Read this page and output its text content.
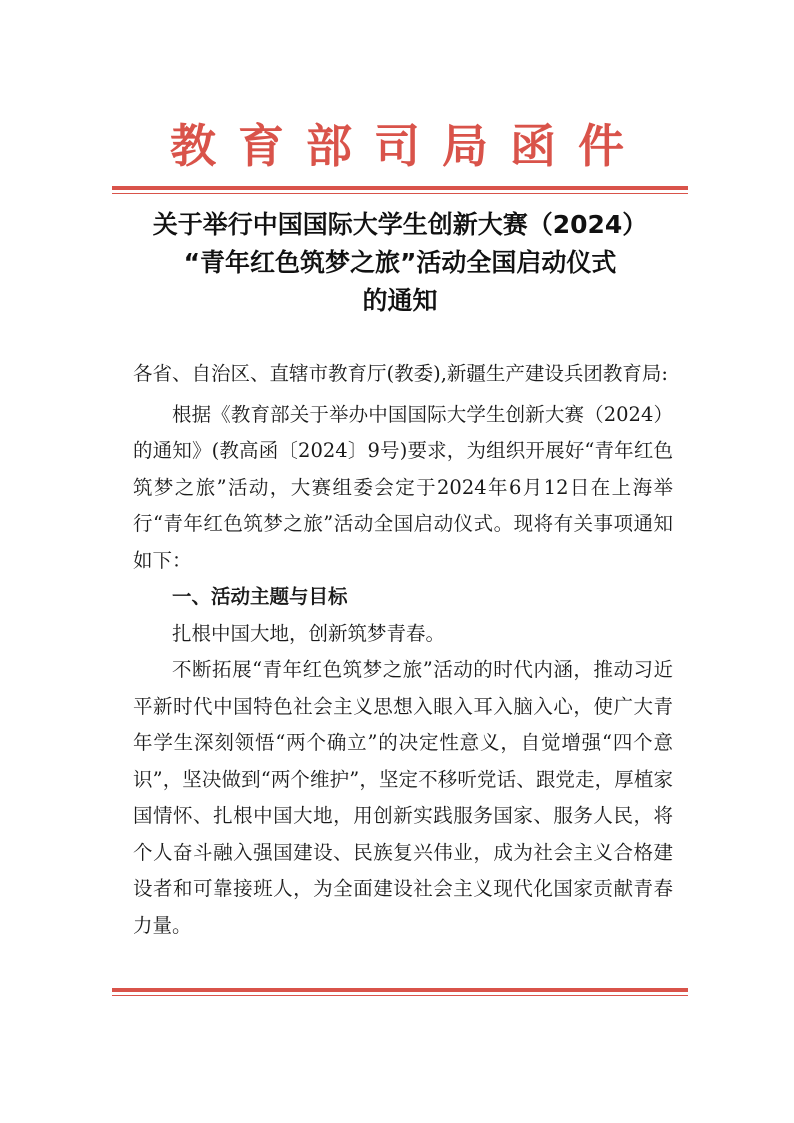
教育部司局函件
关于举行中国国际大学生创新大赛（2024）
“青年红色筑梦之旅”活动全国启动仪式
的通知

各省、自治区、直辖市教育厅(教委),新疆生产建设兵团教育局:

根据《教育部关于举办中国国际大学生创新大赛（2024）的通知》(教高函〔2024〕9号)要求，为组织开展好“青年红色筑梦之旅”活动，大赛组委会定于2024年6月12日在上海举行“青年红色筑梦之旅”活动全国启动仪式。现将有关事项通知如下：

一、活动主题与目标

扎根中国大地，创新筑梦青春。

不断拓展“青年红色筑梦之旅”活动的时代内涵，推动习近平新时代中国特色社会主义思想入眼入耳入脑入心，使广大青年学生深刻领悟“两个确立”的决定性意义，自觉增强“四个意识”，坚决做到“两个维护”，坚定不移听党话、跟党走，厚植家国情怀、扎根中国大地，用创新实践服务国家、服务人民，将个人奋斗融入强国建设、民族复兴伟业，成为社会主义合格建设者和可靠接班人，为全面建设社会主义现代化国家贡献青春力量。
